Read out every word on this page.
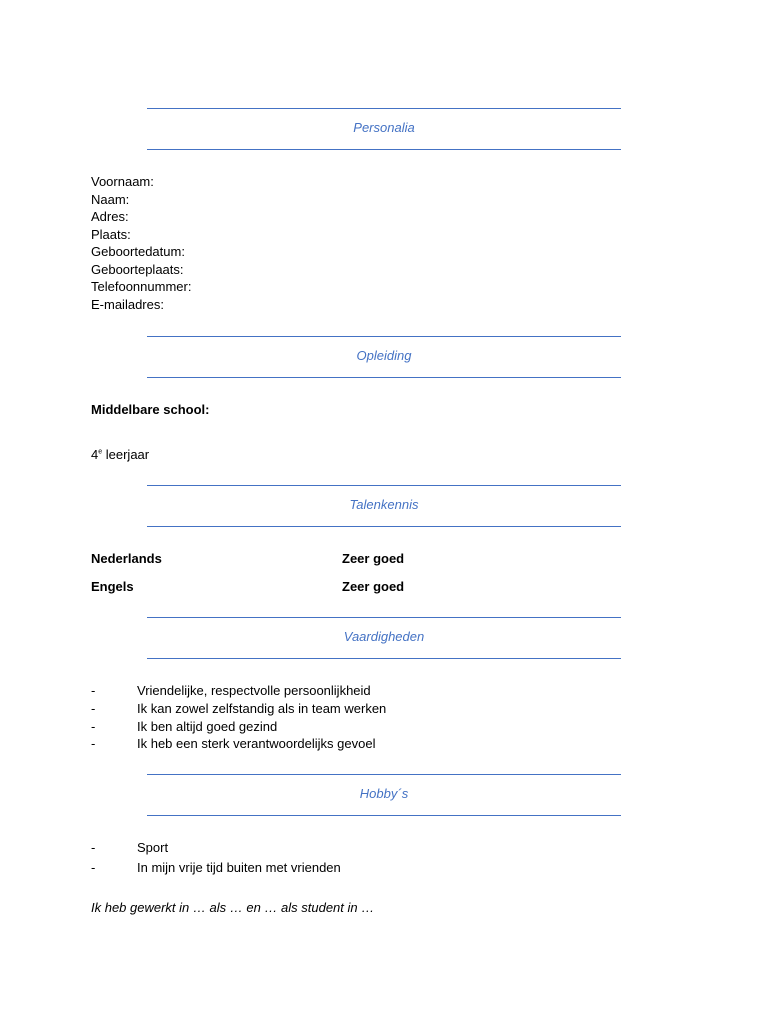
Personalia
Voornaam:
Naam:
Adres:
Plaats:
Geboortedatum:
Geboorteplaats:
Telefoonnummer:
E-mailadres:
Opleiding
Middelbare school:
4e leerjaar
Talenkennis
Nederlands	Zeer goed
Engels	Zeer goed
Vaardigheden
-	Vriendelijke, respectvolle persoonlijkheid
-	Ik kan zowel zelfstandig als in team werken
-	Ik ben altijd goed gezind
-	Ik heb een sterk verantwoordelijks gevoel
Hobby´s
-	Sport
-	In mijn vrije tijd buiten met vrienden
Ik heb gewerkt in … als … en … als student in …
